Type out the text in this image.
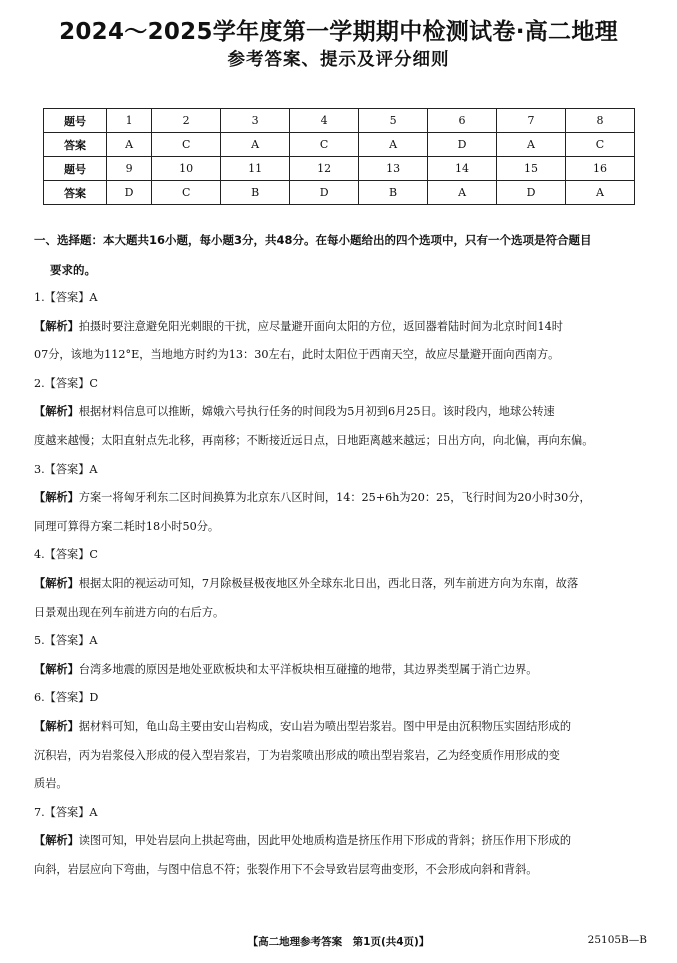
2024～2025学年度第一学期期中检测试卷·高二地理
参考答案、提示及评分细则
题号	1	2	3	4	5	6	7	8
答案	A	C	A	C	A	D	A	C
题号	9	10	11	12	13	14	15	16
答案	D	C	B	D	B	A	D	A
一、选择题：本大题共16小题，每小题3分，共48分。在每小题给出的四个选项中，只有一个选项是符合题目
要求的。
1.【答案】A
【解析】拍摄时要注意避免阳光刺眼的干扰，应尽量避开面向太阳的方位，返回器着陆时间为北京时间14时
07分，该地为112°E，当地地方时约为13：30左右，此时太阳位于西南天空，故应尽量避开面向西南方。
2.【答案】C
【解析】根据材料信息可以推断，嫦娥六号执行任务的时间段为5月初到6月25日。该时段内，地球公转速
度越来越慢；太阳直射点先北移，再南移；不断接近远日点，日地距离越来越远；日出方向，向北偏，再向东偏。
3.【答案】A
【解析】方案一将匈牙利东二区时间换算为北京东八区时间，14：25+6h为20：25，飞行时间为20小时30分，
同理可算得方案二耗时18小时50分。
4.【答案】C
【解析】根据太阳的视运动可知，7月除极昼极夜地区外全球东北日出，西北日落，列车前进方向为东南，故落
日景观出现在列车前进方向的右后方。
5.【答案】A
【解析】台湾多地震的原因是地处亚欧板块和太平洋板块相互碰撞的地带，其边界类型属于消亡边界。
6.【答案】D
【解析】据材料可知，龟山岛主要由安山岩构成，安山岩为喷出型岩浆岩。图中甲是由沉积物压实固结形成的
沉积岩，丙为岩浆侵入形成的侵入型岩浆岩，丁为岩浆喷出形成的喷出型岩浆岩，乙为经变质作用形成的变
质岩。
7.【答案】A
【解析】读图可知，甲处岩层向上拱起弯曲，因此甲处地质构造是挤压作用下形成的背斜；挤压作用下形成的
向斜，岩层应向下弯曲，与图中信息不符；张裂作用下不会导致岩层弯曲变形，不会形成向斜和背斜。
【高二地理参考答案　第1页(共4页)】	25105B—B
